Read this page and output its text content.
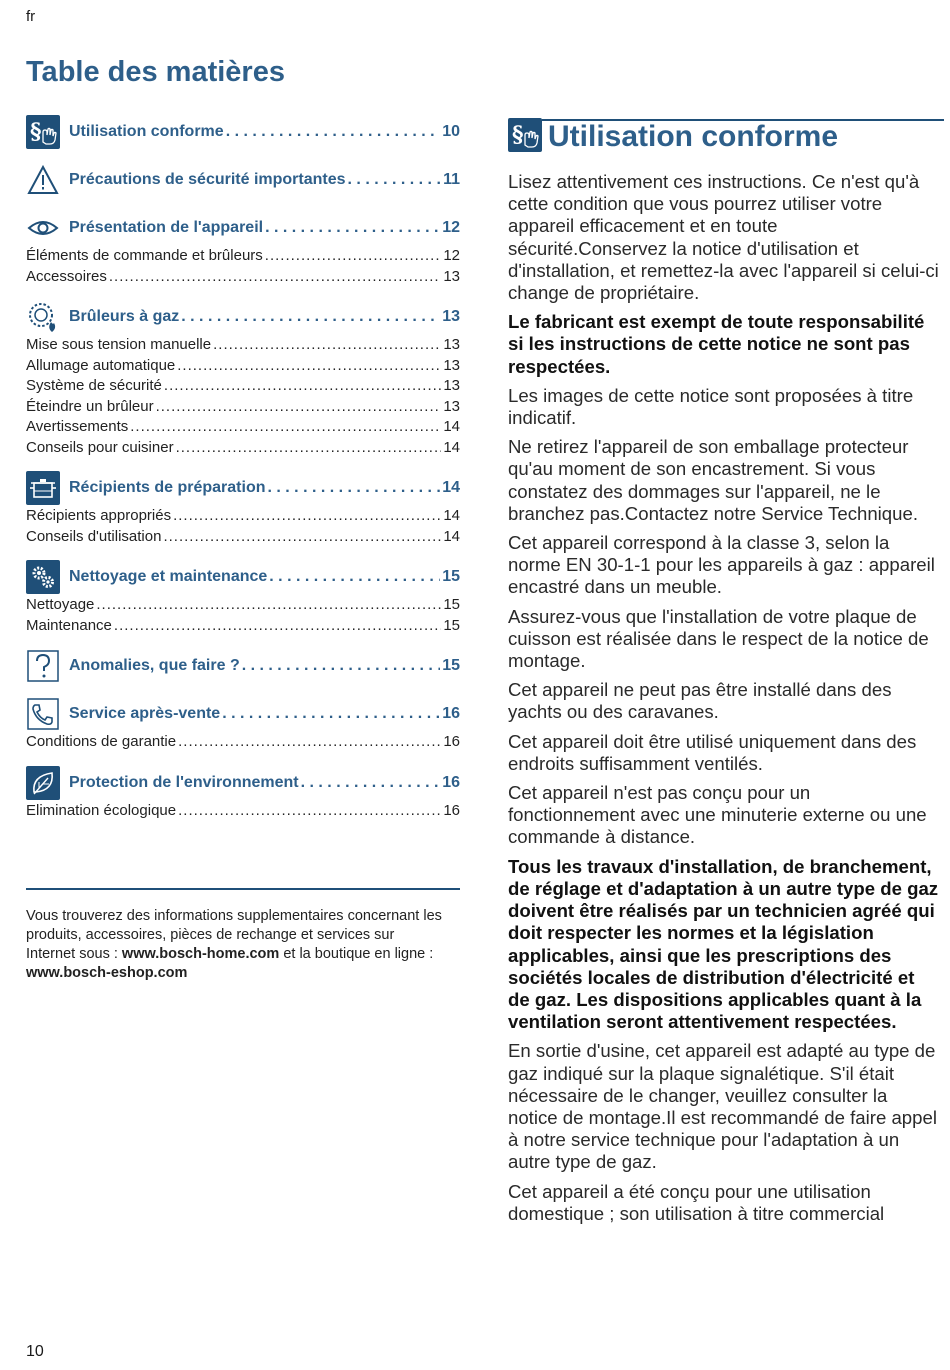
fr
Table des matières
§ Utilisation conforme . . .	10
Précautions de sécurité importantes . . .	11
Présentation de l'appareil . . .	12
Éléments de commande et brûleurs .....	12
Accessoires .....	13
Brûleurs à gaz . . .	13
Mise sous tension manuelle .....	13
Allumage automatique .....	13
Système de sécurité .....	13
Éteindre un brûleur .....	13
Avertissements .....	14
Conseils pour cuisiner .....	14
Récipients de préparation . . .	14
Récipients appropriés .....	14
Conseils d'utilisation .....	14
Nettoyage et maintenance . . .	15
Nettoyage .....	15
Maintenance .....	15
Anomalies, que faire ? . . .	15
Service après-vente . . .	16
Conditions de garantie .....	16
Protection de l'environnement . . .	16
Elimination écologique .....	16
Vous trouverez des informations supplementaires concernant les produits, accessoires, pièces de rechange et services sur Internet sous : www.bosch-home.com et la boutique en ligne : www.bosch-eshop.com
§ Utilisation conforme

Lisez attentivement ces instructions. Ce n'est qu'à cette condition que vous pourrez utiliser votre appareil efficacement et en toute sécurité.Conservez la notice d'utilisation et d'installation, et remettez-la avec l'appareil si celui-ci change de propriétaire.

Le fabricant est exempt de toute responsabilité si les instructions de cette notice ne sont pas respectées.

Les images de cette notice sont proposées à titre indicatif.

Ne retirez l'appareil de son emballage protecteur qu'au moment de son encastrement. Si vous constatez des dommages sur l'appareil, ne le branchez pas.Contactez notre Service Technique.

Cet appareil correspond à la classe 3, selon la norme EN 30-1-1 pour les appareils à gaz : appareil encastré dans un meuble.

Assurez-vous que l'installation de votre plaque de cuisson est réalisée dans le respect de la notice de montage.

Cet appareil ne peut pas être installé dans des yachts ou des caravanes.

Cet appareil doit être utilisé uniquement dans des endroits suffisamment ventilés.

Cet appareil n'est pas conçu pour un fonctionnement avec une minuterie externe ou une commande à distance.

Tous les travaux d'installation, de branchement, de réglage et d'adaptation à un autre type de gaz doivent être réalisés par un technicien agréé qui doit respecter les normes et la législation applicables, ainsi que les prescriptions des sociétés locales de distribution d'électricité et de gaz. Les dispositions applicables quant à la ventilation seront attentivement respectées.

En sortie d'usine, cet appareil est adapté au type de gaz indiqué sur la plaque signalétique. S'il était nécessaire de le changer, veuillez consulter la notice de montage.Il est recommandé de faire appel à notre service technique pour l'adaptation à un autre type de gaz.

Cet appareil a été conçu pour une utilisation domestique ; son utilisation à titre commercial

10
